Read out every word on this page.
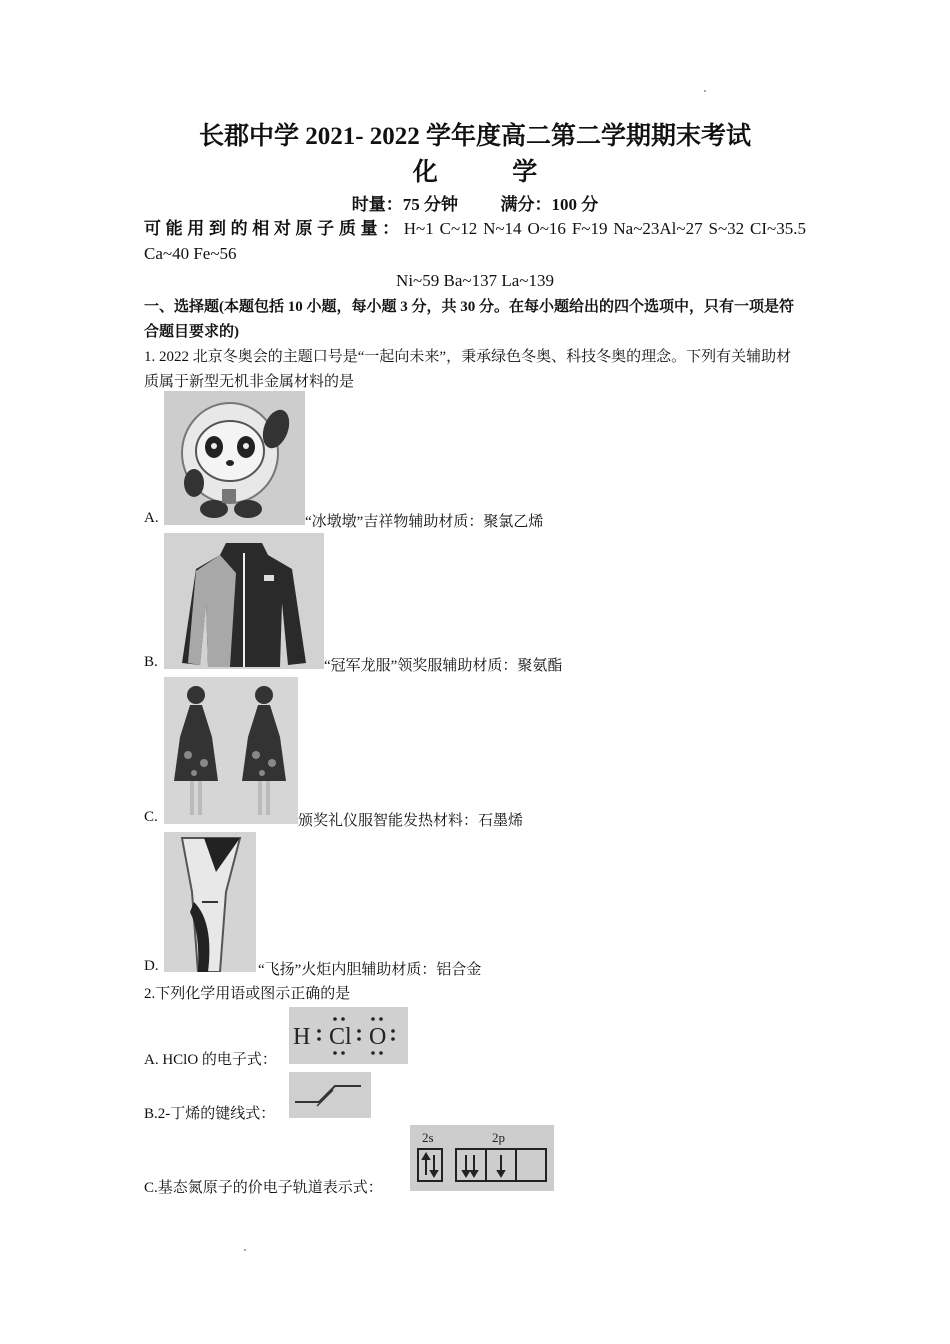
长郡中学 2021- 2022 学年度高二第二学期期末考试
化	学
时量：75 分钟	满分：100 分
可能用到的相对原子质量：H~1 C~12 N~14 O~16 F~19 Na~23Al~27 S~32 CI~35.5 Ca~40 Fe~56
Ni~59 Ba~137 La~139
一、选择题(本题包括 10 小题，每小题 3 分，共 30 分。在每小题给出的四个选项中，只有一项是符合题目要求的)
1. 2022 北京冬奥会的主题口号是“一起向未来”，秉承绿色冬奥、科技冬奥的理念。下列有关辅助材质属于新型无机非金属材料的是
A.	“冰墩墩”吉祥物辅助材质：聚氯乙烯
B.	“冠军龙服”领奖服辅助材质：聚氨酯
C.	颁奖礼仪服智能发热材料：石墨烯
D.	“飞扬”火炬内胆辅助材质：铝合金
2.下列化学用语或图示正确的是
A. HClO 的电子式：
H Cl O
B.2-丁烯的键线式：
C.基态氮原子的价电子轨道表示式：
2s	2p
